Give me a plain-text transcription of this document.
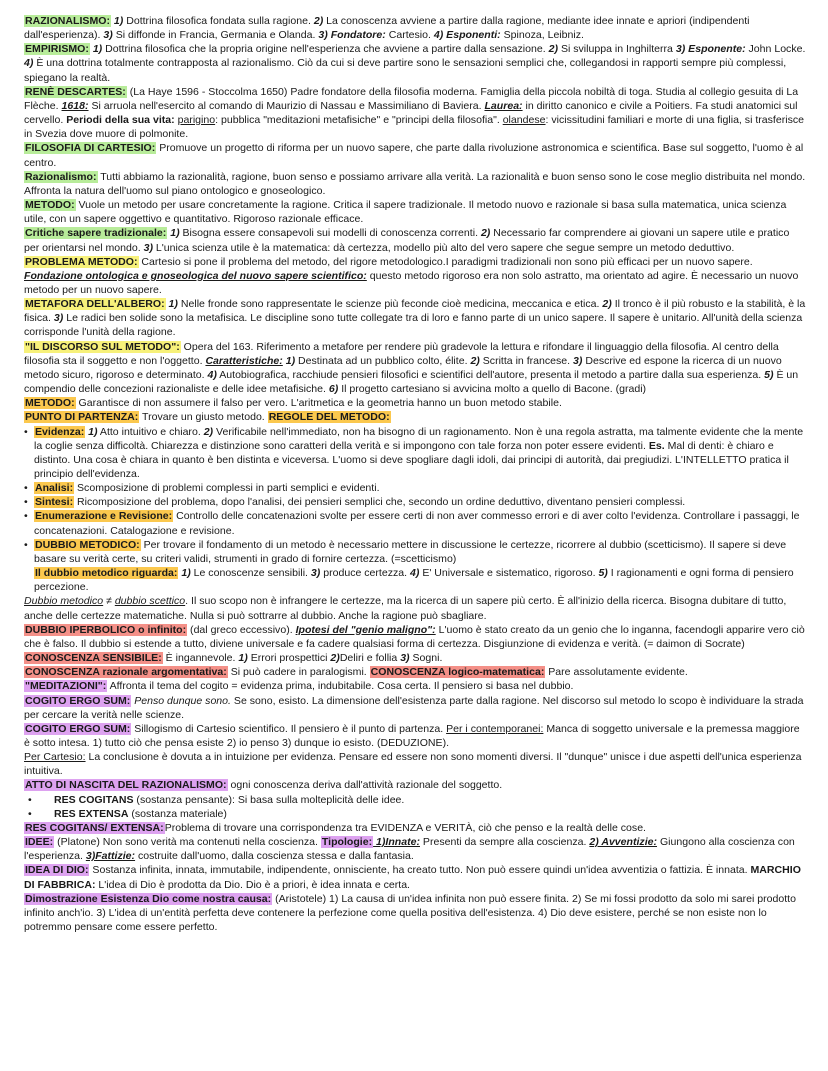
RAZIONALISMO: 1) Dottrina filosofica fondata sulla ragione. 2) La conoscenza avviene a partire dalla ragione, mediante idee innate e apriori (indipendenti dall'esperienza). 3) Si diffonde in Francia, Germania e Olanda. 3) Fondatore: Cartesio. 4) Esponenti: Spinoza, Leibniz.

EMPIRISMO: 1) Dottrina filosofica che la propria origine nell'esperienza che avviene a partire dalla sensazione. 2) Si sviluppa in Inghilterra 3) Esponente: John Locke. 4) È una dottrina totalmente contrapposta al razionalismo. Ciò da cui si deve partire sono le sensazioni semplici che, collegandosi in rapporti sempre più complessi, spiegano la realtà.

RENÈ DESCARTES: (La Haye 1596 - Stoccolma 1650) Padre fondatore della filosofia moderna. Famiglia della piccola nobiltà di toga. Studia al collegio gesuita di La Flèche. 1618: Si arruola nell'esercito al comando di Maurizio di Nassau e Massimiliano di Baviera. Laurea: in diritto canonico e civile a Poitiers. Fa studi anatomici sul cervello. Periodi della sua vita: parigino: pubblica "meditazioni metafisiche" e "principi della filosofia". olandese: vicissitudini familiari e morte di una figlia, si trasferisce in Svezia dove muore di polmonite.

FILOSOFIA DI CARTESIO: Promuove un progetto di riforma per un nuovo sapere, che parte dalla rivoluzione astronomica e scientifica. Base sul soggetto, l'uomo è al centro.

Razionalismo: Tutti abbiamo la razionalità, ragione, buon senso e possiamo arrivare alla verità. La razionalità e buon senso sono le cose meglio distribuita nel mondo. Affronta la natura dell'uomo sul piano ontologico e gnoseologico.

METODO: Vuole un metodo per usare concretamente la ragione. Critica il sapere tradizionale. Il metodo nuovo e razionale si basa sulla matematica, unica scienza utile, con un sapere oggettivo e quantitativo. Rigoroso razionale efficace.

Critiche sapere tradizionale: 1) Bisogna essere consapevoli sui modelli di conoscenza correnti. 2) Necessario far comprendere ai giovani un sapere utile e pratico per orientarsi nel mondo. 3) L'unica scienza utile è la matematica: dà certezza, modello più alto del vero sapere che segue sempre un metodo deduttivo.

PROBLEMA METODO: Cartesio si pone il problema del metodo, del rigore metodologico.I paradigmi tradizionali non sono più efficaci per un nuovo sapere. Fondazione ontologica e gnoseologica del nuovo sapere scientifico: questo metodo rigoroso era non solo astratto, ma orientato ad agire. È necessario un nuovo metodo per un nuovo sapere.

METAFORA DELL'ALBERO: 1) Nelle fronde sono rappresentate le scienze più feconde cioè medicina, meccanica e etica. 2) Il tronco è il più robusto e la stabilità, è la fisica. 3) Le radici ben solide sono la metafisica. Le discipline sono tutte collegate tra di loro e fanno parte di un unico sapere. Il sapere è unitario. All'unità della scienza corrisponde l'unità della ragione.

"IL DISCORSO SUL METODO": Opera del 163. Riferimento a metafore per rendere più gradevole la lettura e rifondare il linguaggio della filosofia. Al centro della filosofia sta il soggetto e non l'oggetto. Caratteristiche: 1) Destinata ad un pubblico colto, élite. 2) Scritta in francese. 3) Descrive ed espone la ricerca di un nuovo metodo sicuro, rigoroso e determinato. 4) Autobiografica, racchiude pensieri filosofici e scientifici dell'autore, presenta il metodo a partire dalla sua esperienza. 5) È un compendio delle concezioni razionaliste e delle idee metafisiche. 6) Il progetto cartesiano si avvicina molto a quello di Bacone. (gradi)

METODO: Garantisce di non assumere il falso per vero. L'aritmetica e la geometria hanno un buon metodo stabile.

PUNTO DI PARTENZA: Trovare un giusto metodo. REGOLE DEL METODO:

• Evidenza: 1) Atto intuitivo e chiaro. 2) Verificabile nell'immediato, non ha bisogno di un ragionamento. Non è una regola astratta, ma talmente evidente che la mente la coglie senza difficoltà. Chiarezza e distinzione sono caratteri della verità e si impongono con tale forza non poter essere evidenti. Es. Mal di denti: è chiaro e distinto. Una cosa è chiara in quanto è ben distinta e viceversa. L'uomo si deve spogliare dagli idoli, dai principi di autorità, dai pregiudizi. L'INTELLETTO pratica il principio dell'evidenza.
• Analisi: Scomposizione di problemi complessi in parti semplici e evidenti.
• Sintesi: Ricomposizione del problema, dopo l'analisi, dei pensieri semplici che, secondo un ordine deduttivo, diventano pensieri complessi.
• Enumerazione e Revisione: Controllo delle concatenazioni svolte per essere certi di non aver commesso errori e di aver colto l'evidenza. Controllare i passaggi, le concatenazioni. Catalogazione e revisione.
• DUBBIO METODICO: Per trovare il fondamento di un metodo è necessario mettere in discussione le certezze, ricorrere al dubbio (scetticismo). Il sapere si deve basare su verità certe, su criteri validi, strumenti in grado di fornire certezza. (=scetticismo)

Il dubbio metodico riguarda: 1) Le conoscenze sensibili. 3) produce certezza. 4) E' Universale e sistematico, rigoroso. 5) I ragionamenti e ogni forma di pensiero percezione.

Dubbio metodico ≠ dubbio scettico. Il suo scopo non è infrangere le certezze, ma la ricerca di un sapere più certo. È all'inizio della ricerca. Bisogna dubitare di tutto, anche delle certezze matematiche. Nulla si può sottrarre al dubbio. Anche la ragione può sbagliare.

DUBBIO IPERBOLICO o infinito: (dal greco eccessivo). Ipotesi del "genio maligno": L'uomo è stato creato da un genio che lo inganna, facendogli apparire vero ciò che è falso. Il dubbio si estende a tutto, diviene universale e fa cadere qualsiasi forma di certezza. Disgiunzione di evidenza e verità. (= daimon di Socrate)

CONOSCENZA SENSIBILE: È ingannevole. 1) Errori prospettici 2)Deliri e follia 3) Sogni.

CONOSCENZA razionale argomentativa: Si può cadere in paralogismi. CONOSCENZA logico-matematica: Pare assolutamente evidente.

"MEDITAZIONI": Affronta il tema del cogito = evidenza prima, indubitabile. Cosa certa. Il pensiero si basa nel dubbio.

COGITO ERGO SUM: Penso dunque sono. Se sono, esisto. La dimensione dell'esistenza parte dalla ragione. Nel discorso sul metodo lo scopo è individuare la strada per cercare la verità nelle scienze.

COGITO ERGO SUM: Sillogismo di Cartesio scientifico. Il pensiero è il punto di partenza. Per i contemporanei: Manca di soggetto universale e la premessa maggiore è sotto intesa. 1) tutto ciò che pensa esiste 2) io penso 3) dunque io esisto. (DEDUZIONE).

Per Cartesio: La conclusione è dovuta a in intuizione per evidenza. Pensare ed essere non sono momenti diversi. Il "dunque" unisce i due aspetti dell'unica esperienza intuitiva.

ATTO DI NASCITA DEL RAZIONALISMO: ogni conoscenza deriva dall'attività razionale del soggetto.

• RES COGITANS (sostanza pensante): Si basa sulla molteplicità delle idee.
• RES EXTENSA (sostanza materiale)

RES COGITANS/ EXTENSA:Problema di trovare una corrispondenza tra EVIDENZA e VERITÀ, ciò che penso e la realtà delle cose.

IDEE: (Platone) Non sono verità ma contenuti nella coscienza. Tipologie: 1)Innate: Presenti da sempre alla coscienza. 2) Avventizie: Giungono alla coscienza con l'esperienza. 3)Fattizie: costruite dall'uomo, dalla coscienza stessa e dalla fantasia.

IDEA DI DIO: Sostanza infinita, innata, immutabile, indipendente, onnisciente, ha creato tutto. Non può essere quindi un'idea avventizia o fattizia. È innata. MARCHIO DI FABBRICA: L'idea di Dio è prodotta da Dio. Dio è a priori, è idea innata e certa.

Dimostrazione Esistenza Dio come nostra causa: (Aristotele) 1) La causa di un'idea infinita non può essere finita. 2) Se mi fossi prodotto da solo mi sarei prodotto infinito anch'io. 3) L'idea di un'entità perfetta deve contenere la perfezione come quella positiva dell'esistenza. 4) Dio deve esistere, perché se non esiste non lo potremmo pensare come essere perfetto.
